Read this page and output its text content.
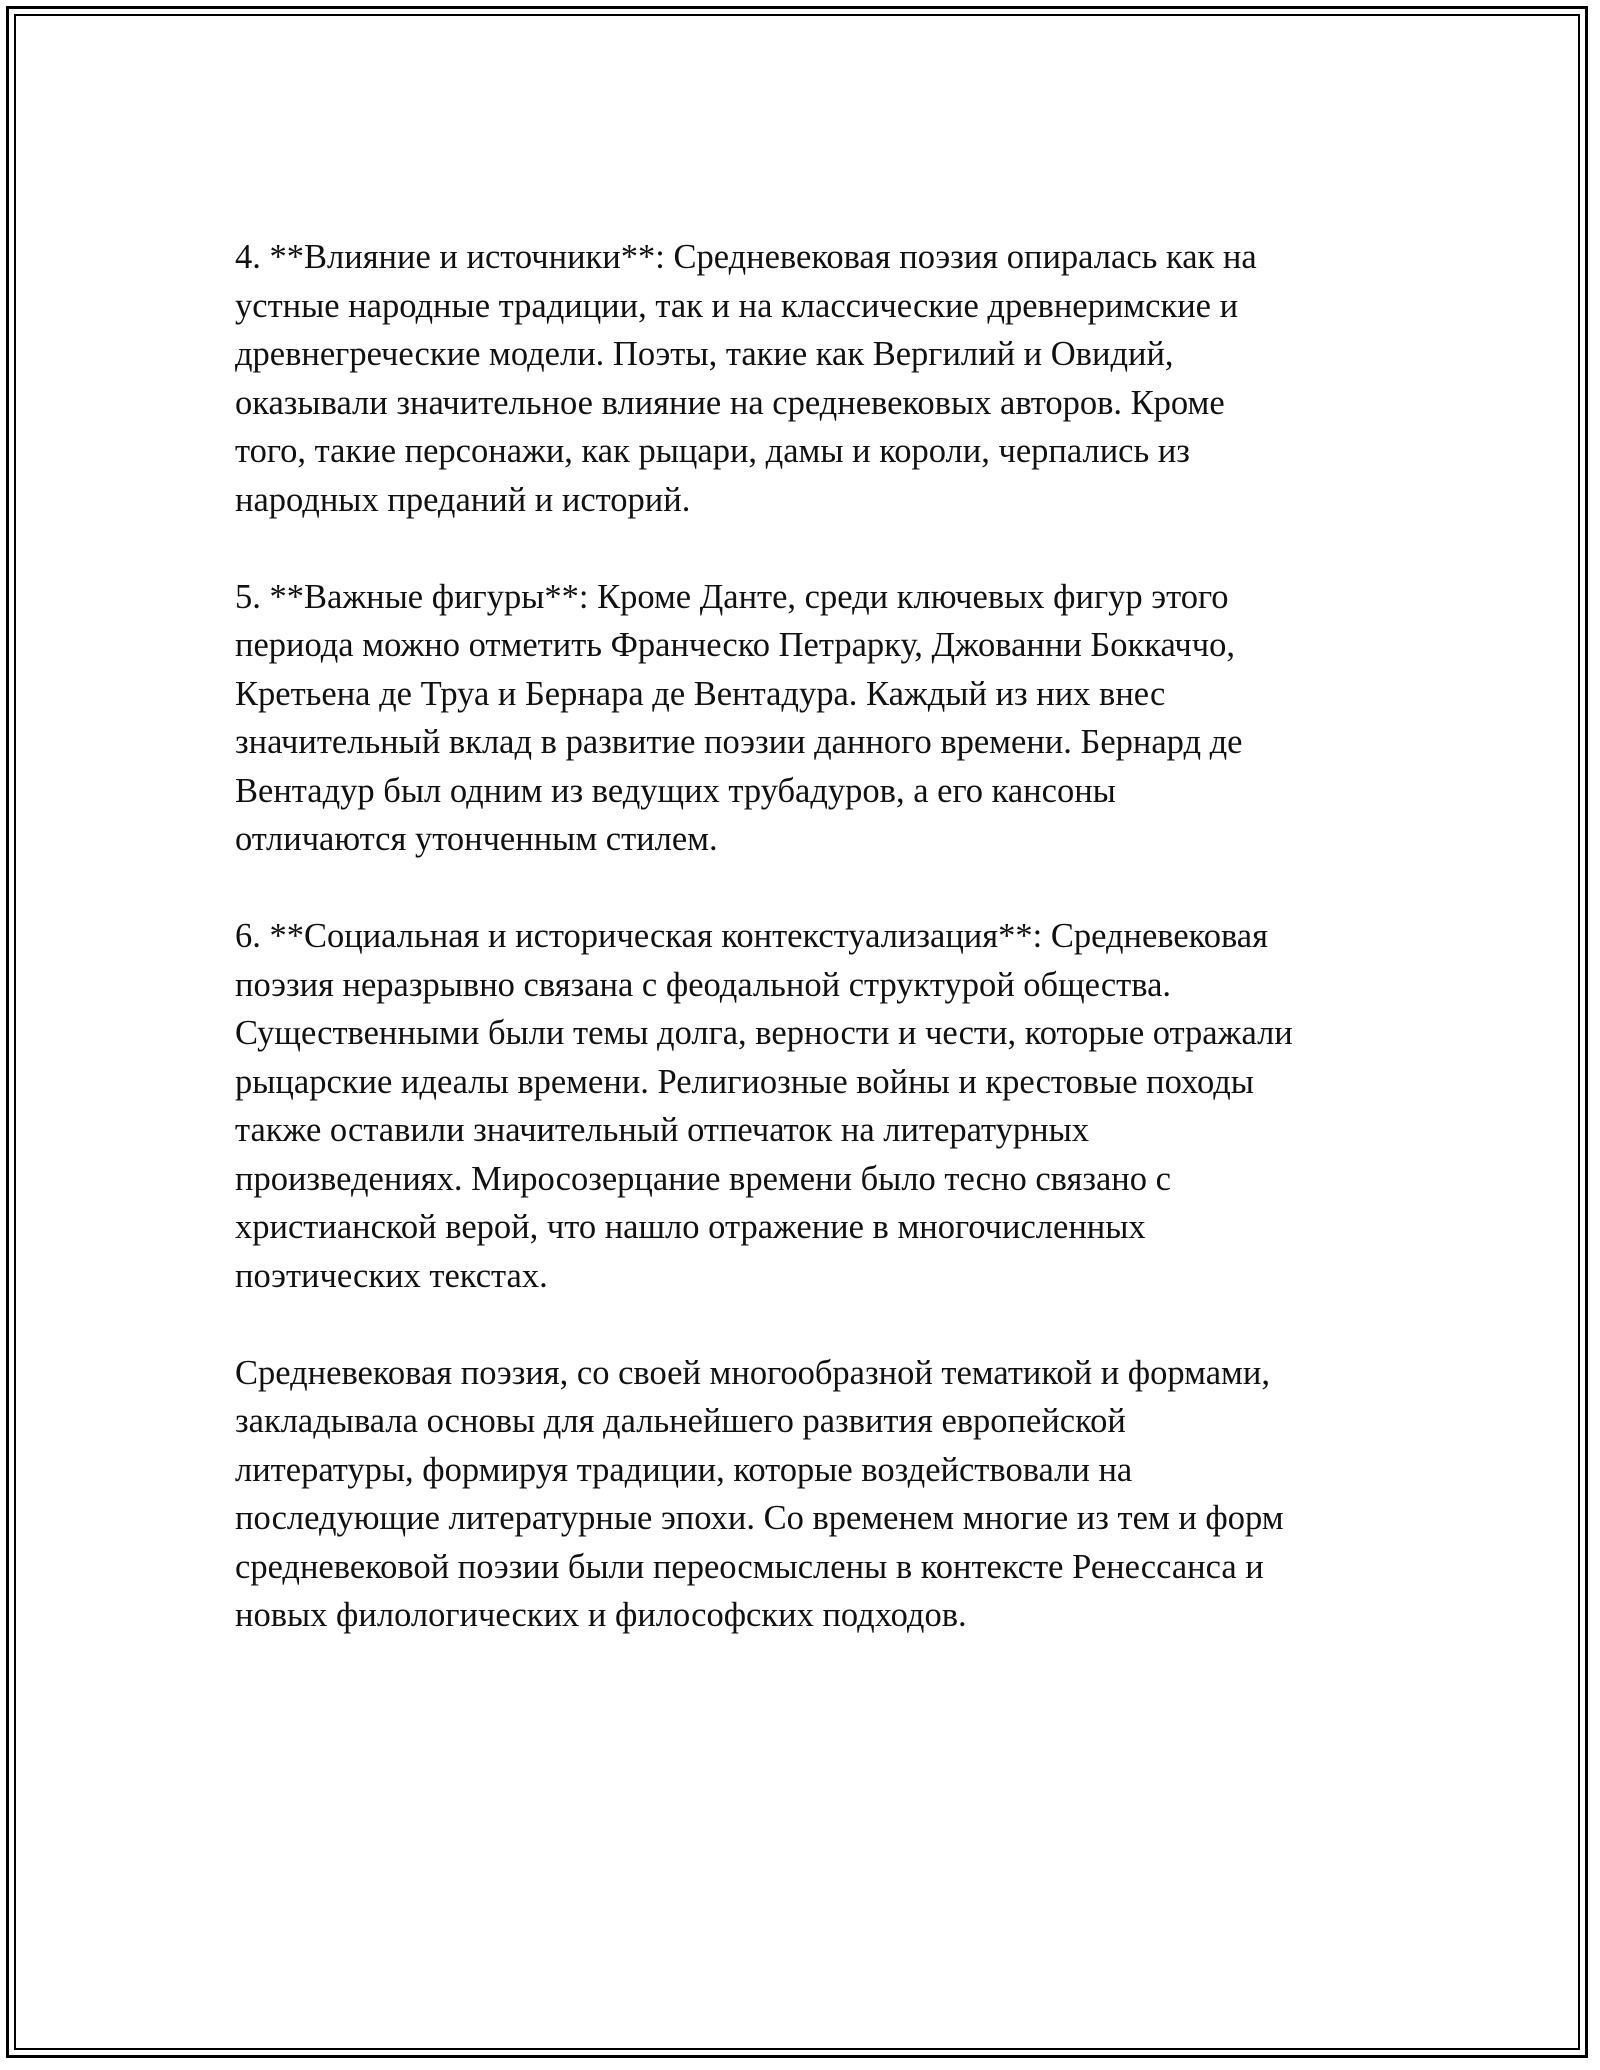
4. **Влияние и источники**: Средневековая поэзия опиралась как на
устные народные традиции, так и на классические древнеримские и
древнегреческие модели. Поэты, такие как Вергилий и Овидий,
оказывали значительное влияние на средневековых авторов. Кроме
того, такие персонажи, как рыцари, дамы и короли, черпались из
народных преданий и историй.

5. **Важные фигуры**: Кроме Данте, среди ключевых фигур этого
периода можно отметить Франческо Петрарку, Джованни Боккаччо,
Кретьена де Труа и Бернара де Вентадура. Каждый из них внес
значительный вклад в развитие поэзии данного времени. Бернард де
Вентадур был одним из ведущих трубадуров, а его кансоны
отличаются утонченным стилем.

6. **Социальная и историческая контекстуализация**: Средневековая
поэзия неразрывно связана с феодальной структурой общества.
Существенными были темы долга, верности и чести, которые отражали
рыцарские идеалы времени. Религиозные войны и крестовые походы
также оставили значительный отпечаток на литературных
произведениях. Миросозерцание времени было тесно связано с
христианской верой, что нашло отражение в многочисленных
поэтических текстах.

Средневековая поэзия, со своей многообразной тематикой и формами,
закладывала основы для дальнейшего развития европейской
литературы, формируя традиции, которые воздействовали на
последующие литературные эпохи. Со временем многие из тем и форм
средневековой поэзии были переосмыслены в контексте Ренессанса и
новых филологических и философских подходов.
